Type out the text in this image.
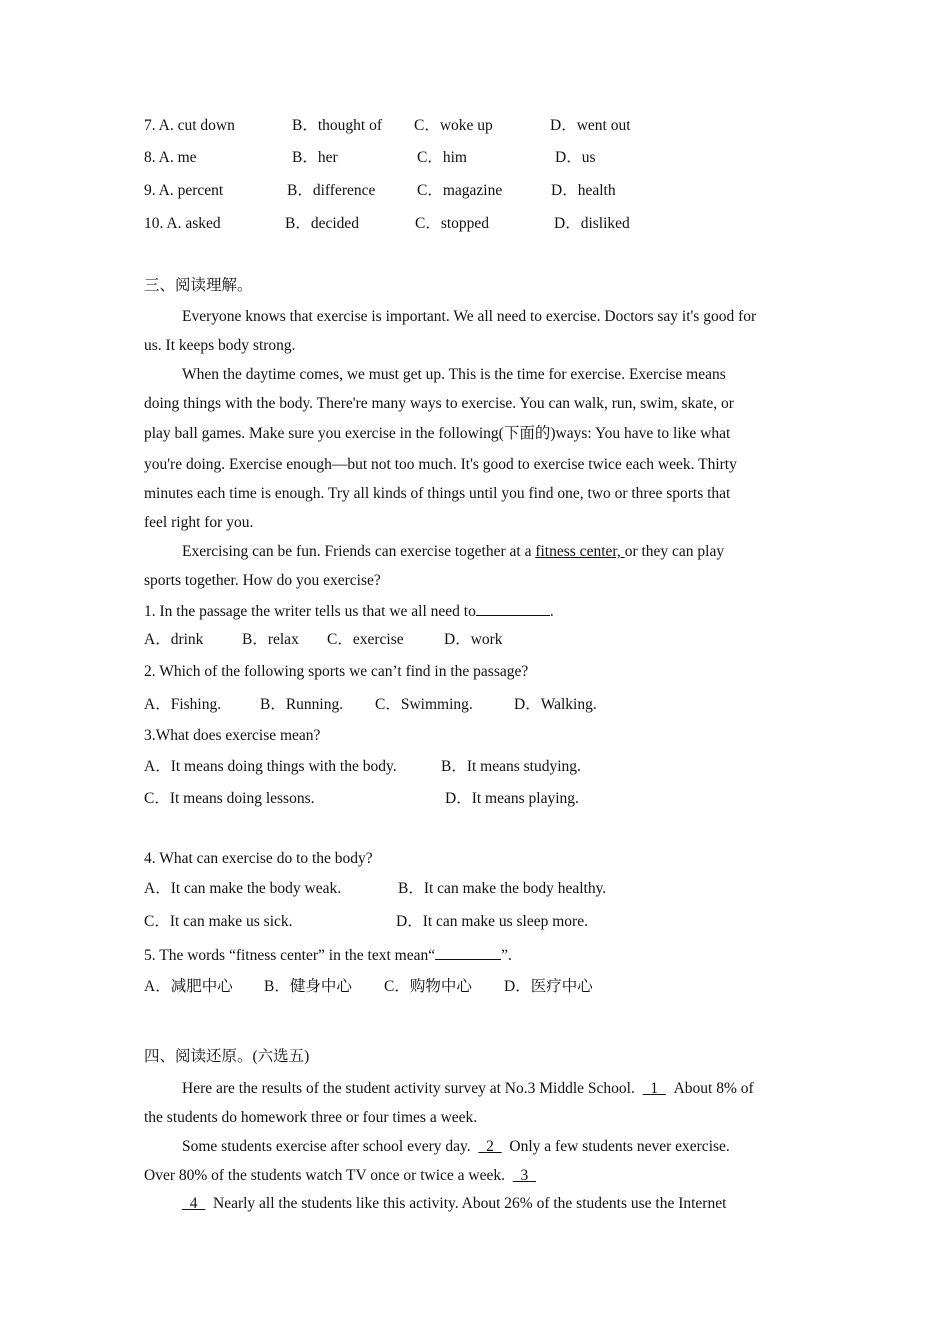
7. A. cut down	B．thought of C．woke up	D．went out
8. A. me	B．her	C．him	D．us
9. A. percent	B．difference	C．magazine	D．health
10. A. asked	B．decided	C．stopped	D．disliked
三、阅读理解。
Everyone knows that exercise is important. We all need to exercise. Doctors say it's good for
us. It keeps body strong.
When the daytime comes, we must get up. This is the time for exercise. Exercise means
doing things with the body. There're many ways to exercise. You can walk, run, swim, skate, or
play ball games. Make sure you exercise in the following(下面的)ways: You have to like what
you're doing. Exercise enough—but not too much. It's good to exercise twice each week. Thirty
minutes each time is enough. Try all kinds of things until you find one, two or three sports that
feel right for you.
Exercising can be fun. Friends can exercise together at a fitness center, or they can play
sports together. How do you exercise?
1. In the passage the writer tells us that we all need to	.
A．drink B．relax C．exercise	D．work
2. Which of the following sports we can’t find in the passage?
A．Fishing.	B．Running. C．Swimming.	D．Walking.
3.What does exercise mean?
A．It means doing things with the body.	B．It means studying.
C．It means doing lessons.	D．It means playing.
4. What can exercise do to the body?
A．It can make the body weak.	B．It can make the body healthy.
C．It can make us sick.	D．It can make us sleep more.
5. The words “fitness center” in the text mean“	”.
A．减肥中心 B．健身中心 C．购物中心 D．医疗中心
四、阅读还原。(六选五)
Here are the results of the student activity survey at No.3 Middle School. 1 About 8% of
the students do homework three or four times a week.
Some students exercise after school every day. 2 Only a few students never exercise.
Over 80% of the students watch TV once or twice a week. 3
4 Nearly all the students like this activity. About 26% of the students use the Internet
